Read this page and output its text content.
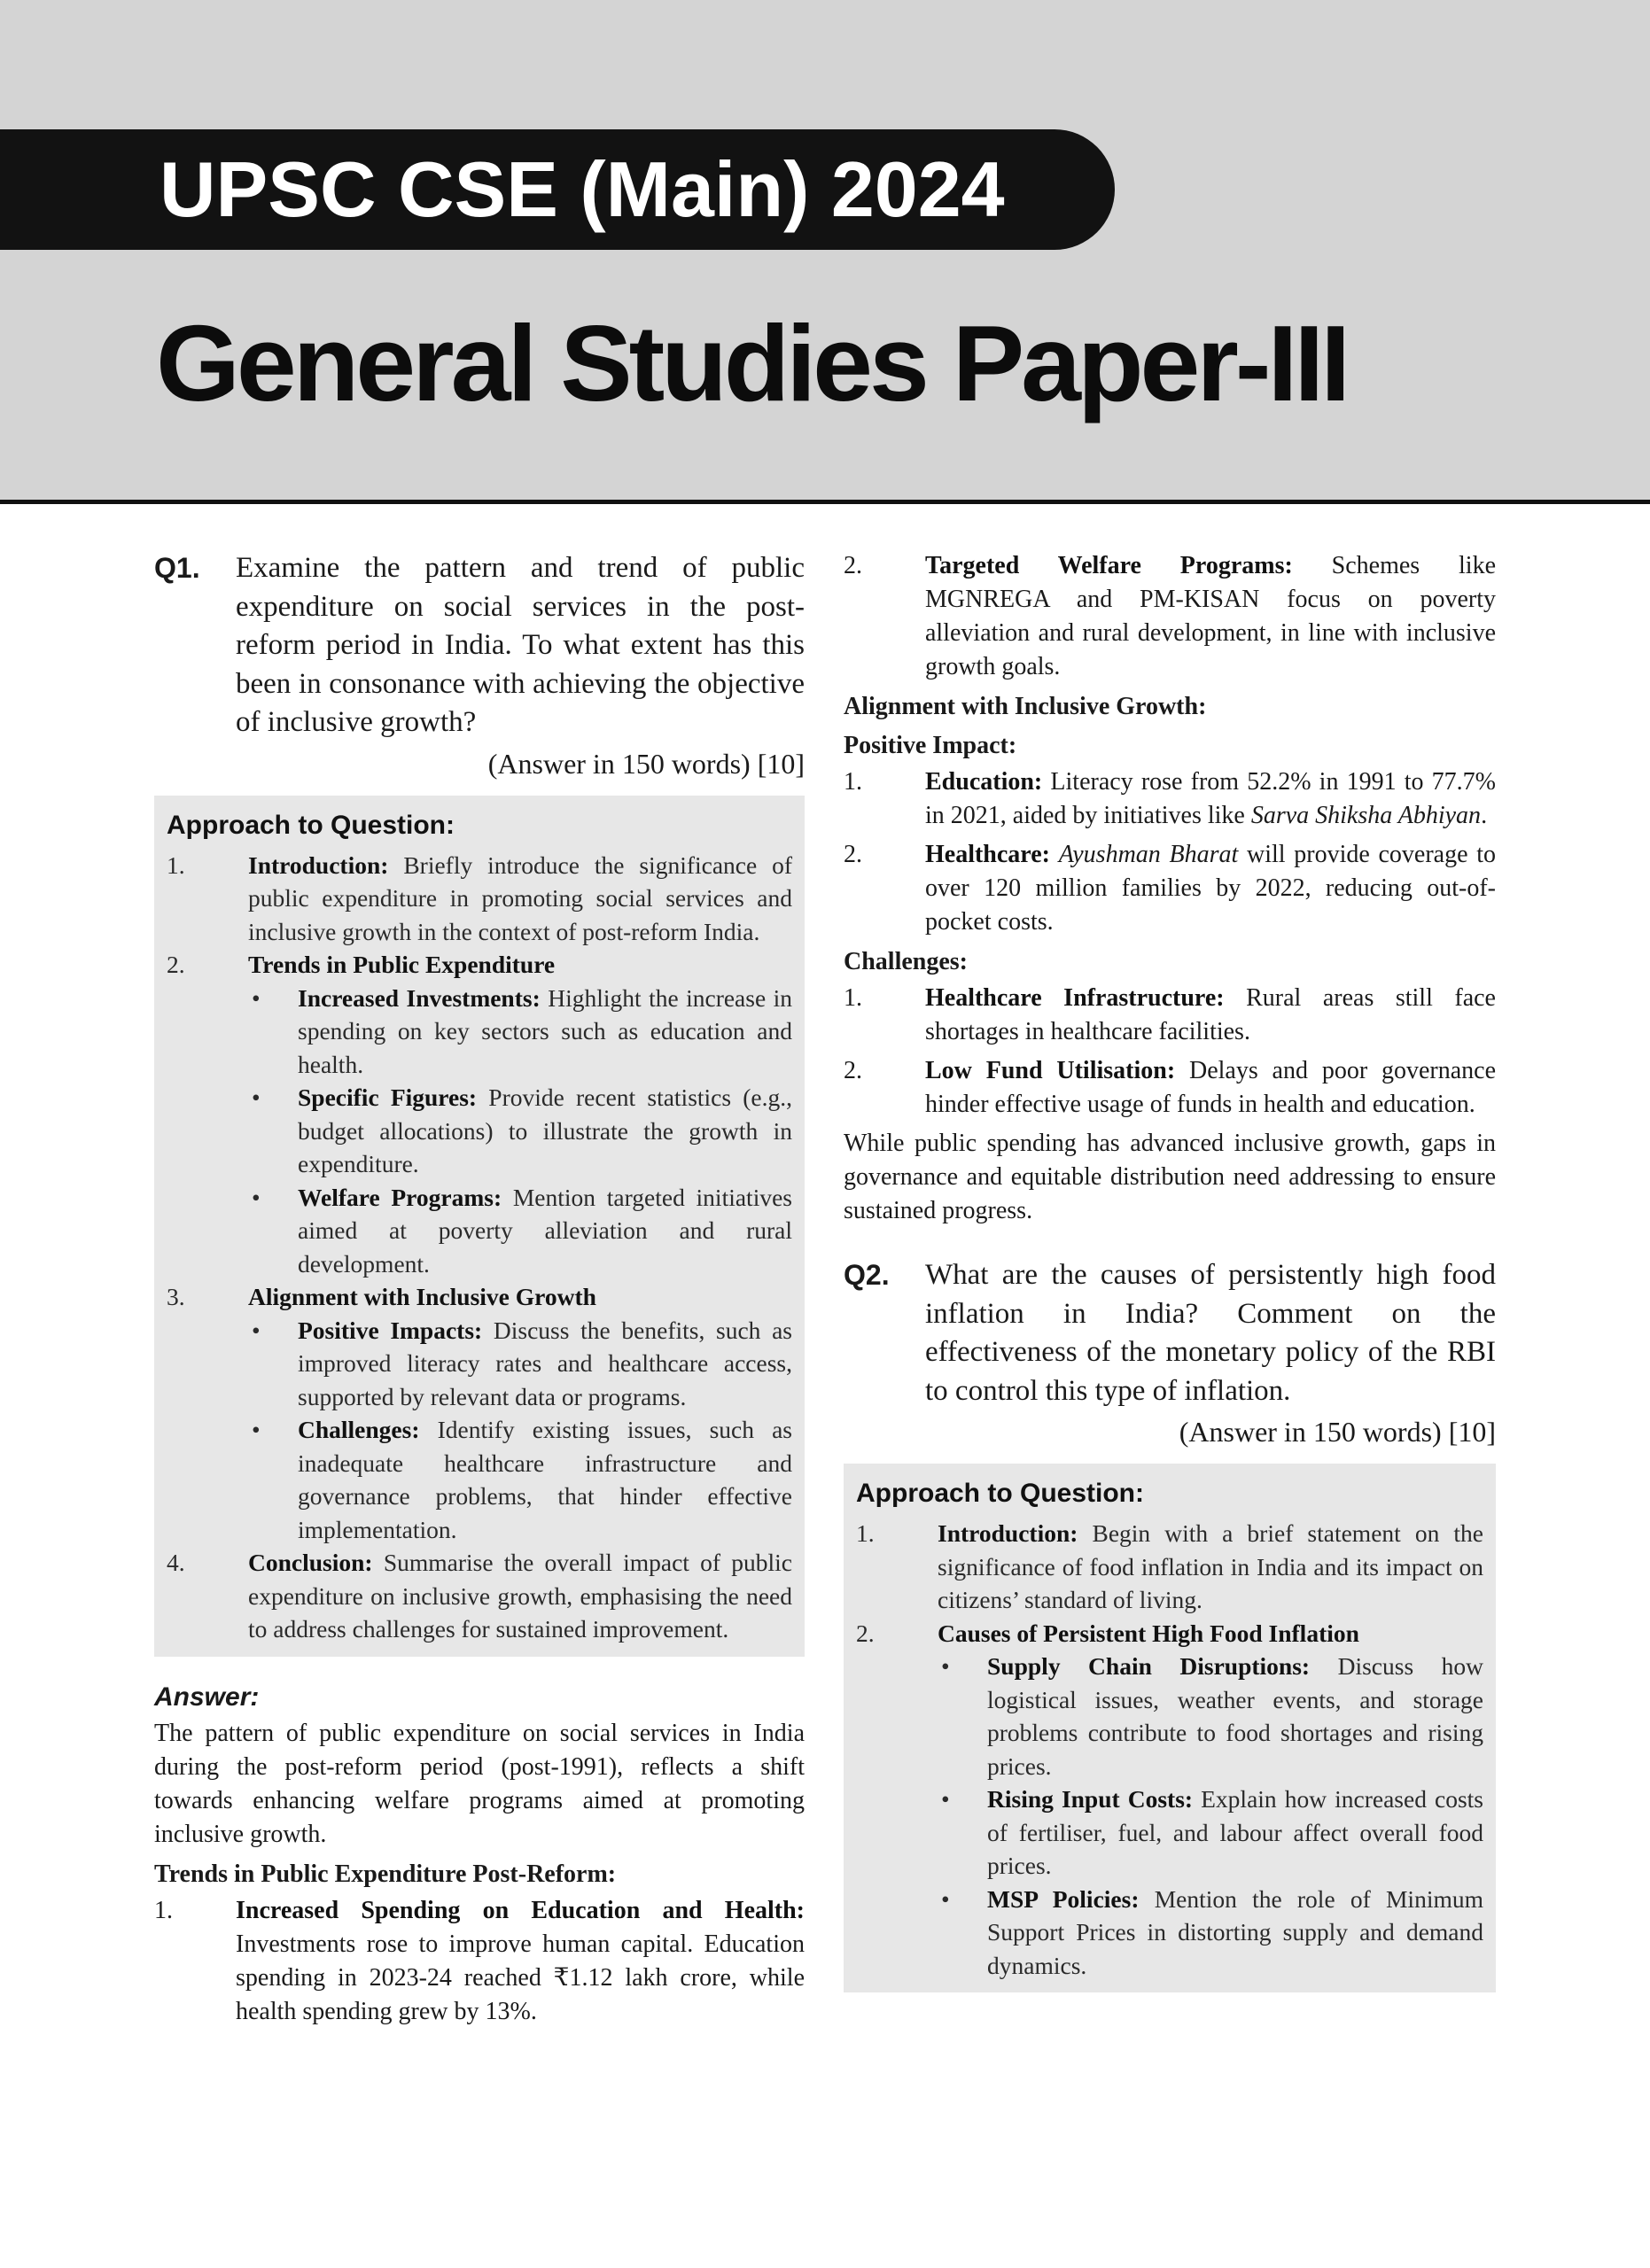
UPSC CSE (Main) 2024
General Studies Paper-III
Q1.	Examine the pattern and trend of public expenditure on social services in the post-reform period in India. To what extent has this been in consonance with achieving the objective of inclusive growth?
(Answer in 150 words) [10]
Approach to Question:
1.	Introduction: Briefly introduce the significance of public expenditure in promoting social services and inclusive growth in the context of post-reform India.
2.	Trends in Public Expenditure
•	Increased Investments: Highlight the increase in spending on key sectors such as education and health.
•	Specific Figures: Provide recent statistics (e.g., budget allocations) to illustrate the growth in expenditure.
•	Welfare Programs: Mention targeted initiatives aimed at poverty alleviation and rural development.
3.	Alignment with Inclusive Growth
•	Positive Impacts: Discuss the benefits, such as improved literacy rates and healthcare access, supported by relevant data or programs.
•	Challenges: Identify existing issues, such as inadequate healthcare infrastructure and governance problems, that hinder effective implementation.
4.	Conclusion: Summarise the overall impact of public expenditure on inclusive growth, emphasising the need to address challenges for sustained improvement.
Answer:
The pattern of public expenditure on social services in India during the post-reform period (post-1991), reflects a shift towards enhancing welfare programs aimed at promoting inclusive growth.
Trends in Public Expenditure Post-Reform:
1.	Increased Spending on Education and Health: Investments rose to improve human capital. Education spending in 2023-24 reached ₹1.12 lakh crore, while health spending grew by 13%.
2.	Targeted Welfare Programs: Schemes like MGNREGA and PM-KISAN focus on poverty alleviation and rural development, in line with inclusive growth goals.
Alignment with Inclusive Growth:
Positive Impact:
1.	Education: Literacy rose from 52.2% in 1991 to 77.7% in 2021, aided by initiatives like Sarva Shiksha Abhiyan.
2.	Healthcare: Ayushman Bharat will provide coverage to over 120 million families by 2022, reducing out-of-pocket costs.
Challenges:
1.	Healthcare Infrastructure: Rural areas still face shortages in healthcare facilities.
2.	Low Fund Utilisation: Delays and poor governance hinder effective usage of funds in health and education.
While public spending has advanced inclusive growth, gaps in governance and equitable distribution need addressing to ensure sustained progress.
Q2.	What are the causes of persistently high food inflation in India? Comment on the effectiveness of the monetary policy of the RBI to control this type of inflation.
(Answer in 150 words) [10]
Approach to Question:
1.	Introduction: Begin with a brief statement on the significance of food inflation in India and its impact on citizens’ standard of living.
2.	Causes of Persistent High Food Inflation
•	Supply Chain Disruptions: Discuss how logistical issues, weather events, and storage problems contribute to food shortages and rising prices.
•	Rising Input Costs: Explain how increased costs of fertiliser, fuel, and labour affect overall food prices.
•	MSP Policies: Mention the role of Minimum Support Prices in distorting supply and demand dynamics.
